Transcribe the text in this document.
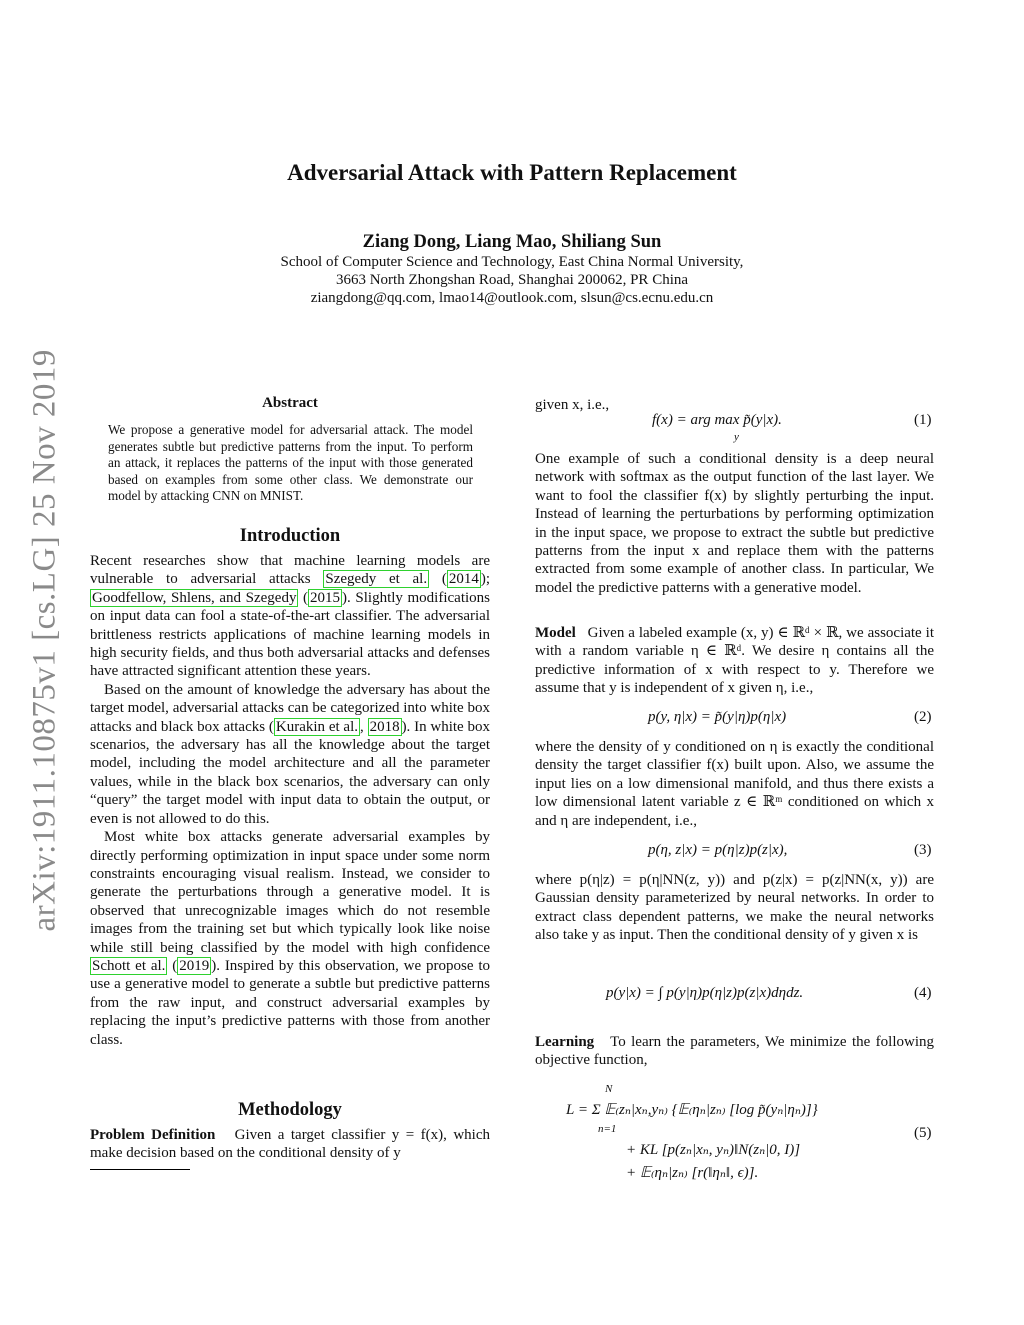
arXiv:1911.10875v1 [cs.LG] 25 Nov 2019
Adversarial Attack with Pattern Replacement
Ziang Dong, Liang Mao, Shiliang Sun
School of Computer Science and Technology, East China Normal University,
3663 North Zhongshan Road, Shanghai 200062, PR China
ziangdong@qq.com, lmao14@outlook.com, slsun@cs.ecnu.edu.cn
Abstract
We propose a generative model for adversarial attack. The model generates subtle but predictive patterns from the input. To perform an attack, it replaces the patterns of the input with those generated based on examples from some other class. We demonstrate our model by attacking CNN on MNIST.
Introduction
Recent researches show that machine learning models are vulnerable to adversarial attacks Szegedy et al. ( 2014 ); Goodfellow, Shlens, and Szegedy ( 2015 ). Slightly modifications on input data can fool a state-of-the-art classifier. The adversarial brittleness restricts applications of machine learning models in high security fields, and thus both adversarial attacks and defenses have attracted significant attention these years.
Based on the amount of knowledge the adversary has about the target model, adversarial attacks can be categorized into white box attacks and black box attacks ( Kurakin et al. , 2018 ). In white box scenarios, the adversary has all the knowledge about the target model, including the model architecture and all the parameter values, while in the black box scenarios, the adversary can only “query” the target model with input data to obtain the output, or even is not allowed to do this.
Most white box attacks generate adversarial examples by directly performing optimization in input space under some norm constraints encouraging visual realism. Instead, we consider to generate the perturbations through a generative model. It is observed that unrecognizable images which do not resemble images from the training set but which typically look like noise while still being classified by the model with high confidence Schott et al. ( 2019 ). Inspired by this observation, we propose to use a generative model to generate a subtle but predictive patterns from the raw input, and construct adversarial examples by replacing the input’s predictive patterns with those from another class.
Methodology
Problem Definition Given a target classifier y = f(x), which make decision based on the conditional density of y
given x, i.e.,
f(x) = arg max p̃(y|x).
y
(1)
One example of such a conditional density is a deep neural network with softmax as the output function of the last layer. We want to fool the classifier f(x) by slightly perturbing the input. Instead of learning the perturbations by performing optimization in the input space, we propose to extract the subtle but predictive patterns from the input x and replace them with the patterns extracted from some example of another class. In particular, We model the predictive patterns with a generative model.
Model Given a labeled example (x, y) ∈ ℝᵈ × ℝ, we associate it with a random variable η ∈ ℝᵈ. We desire η contains all the predictive information of x with respect to y. Therefore we assume that y is independent of x given η, i.e.,
p(y, η|x) = p̃(y|η)p(η|x)	(2)
where the density of y conditioned on η is exactly the conditional density the target classifier f(x) built upon. Also, we assume the input lies on a low dimensional manifold, and thus there exists a low dimensional latent variable z ∈ ℝᵐ conditioned on which x and η are independent, i.e.,
p(η, z|x) = p(η|z)p(z|x),	(3)
where p(η|z) = p(η|NN(z, y)) and p(z|x) = p(z|NN(x, y)) are Gaussian density parameterized by neural networks. In order to extract class dependent patterns, we make the neural networks also take y as input. Then the conditional density of y given x is
p(y|x) = ∫ p(y|η)p(η|z)p(z|x)dηdz.	(4)
Learning To learn the parameters, We minimize the following objective function,
N
L = Σ 𝔼₍zₙ|xₙ,yₙ₎ {𝔼₍ηₙ|zₙ₎ [log p̃(yₙ|ηₙ)]}
n=1
+ KL [p(zₙ|xₙ, yₙ)‖N(zₙ|0, I)]
+ 𝔼₍ηₙ|zₙ₎ [r(‖ηₙ‖, ϵ)].
(5)
